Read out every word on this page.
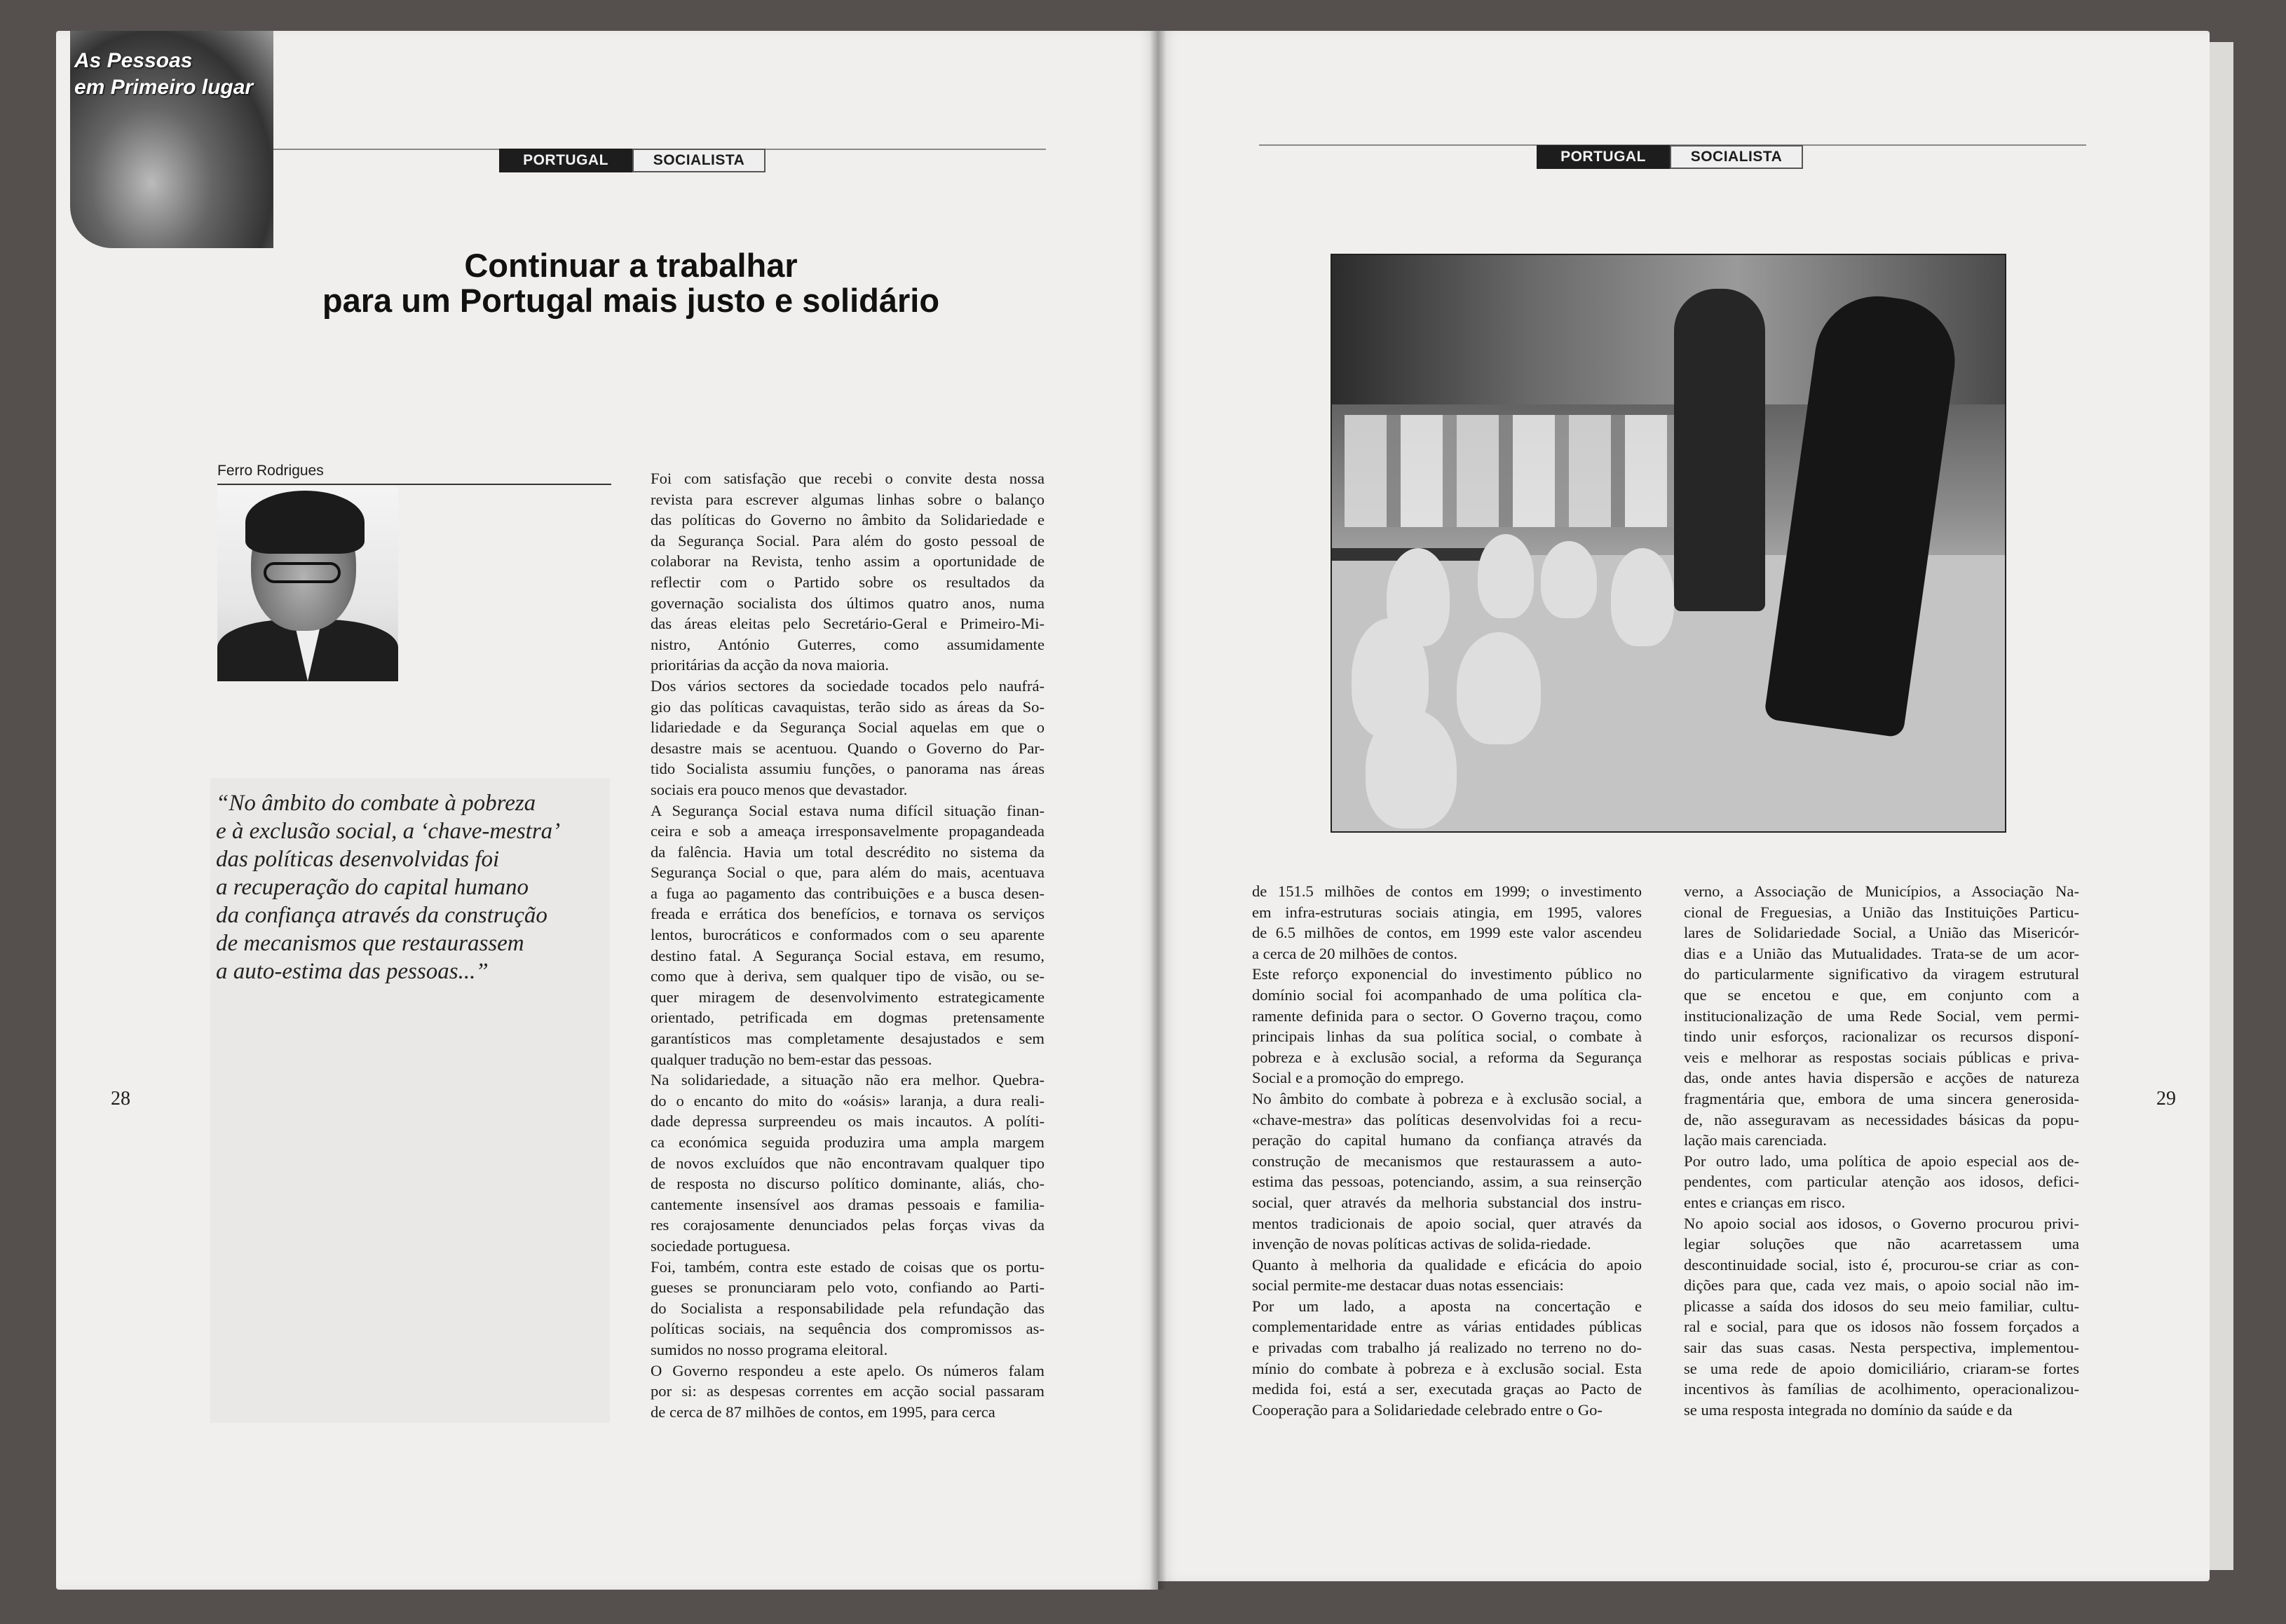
As Pessoas
em Primeiro lugar
PORTUGAL	SOCIALISTA
Continuar a trabalhar
para um Portugal mais justo e solidário
Ferro Rodrigues
“No âmbito do combate à pobreza
e à exclusão social, a ‘chave-mestra’
das políticas desenvolvidas foi
a recuperação do capital humano
da confiança através da construção
de mecanismos que restaurassem
a auto-estima das pessoas...”
28
Foi com satisfação que recebi o convite desta nossa
revista para escrever algumas linhas sobre o balanço
das políticas do Governo no âmbito da Solidariedade e
da Segurança Social. Para além do gosto pessoal de
colaborar na Revista, tenho assim a oportunidade de
reflectir com o Partido sobre os resultados da
governação socialista dos últimos quatro anos, numa
das áreas eleitas pelo Secretário-Geral e Primeiro-Mi-
nistro, António Guterres, como assumidamente
prioritárias da acção da nova maioria.
Dos vários sectores da sociedade tocados pelo naufrá-
gio das políticas cavaquistas, terão sido as áreas da So-
lidariedade e da Segurança Social aquelas em que o
desastre mais se acentuou. Quando o Governo do Par-
tido Socialista assumiu funções, o panorama nas áreas
sociais era pouco menos que devastador.
A Segurança Social estava numa difícil situação finan-
ceira e sob a ameaça irresponsavelmente propagandeada
da falência. Havia um total descrédito no sistema da
Segurança Social o que, para além do mais, acentuava
a fuga ao pagamento das contribuições e a busca desen-
freada e errática dos benefícios, e tornava os serviços
lentos, burocráticos e conformados com o seu aparente
destino fatal. A Segurança Social estava, em resumo,
como que à deriva, sem qualquer tipo de visão, ou se-
quer miragem de desenvolvimento estrategicamente
orientado, petrificada em dogmas pretensamente
garantísticos mas completamente desajustados e sem
qualquer tradução no bem-estar das pessoas.
Na solidariedade, a situação não era melhor. Quebra-
do o encanto do mito do «oásis» laranja, a dura reali-
dade depressa surpreendeu os mais incautos. A políti-
ca económica seguida produzira uma ampla margem
de novos excluídos que não encontravam qualquer tipo
de resposta no discurso político dominante, aliás, cho-
cantemente insensível aos dramas pessoais e familia-
res corajosamente denunciados pelas forças vivas da
sociedade portuguesa.
Foi, também, contra este estado de coisas que os portu-
gueses se pronunciaram pelo voto, confiando ao Parti-
do Socialista a responsabilidade pela refundação das
políticas sociais, na sequência dos compromissos as-
sumidos no nosso programa eleitoral.
O Governo respondeu a este apelo. Os números falam
por si: as despesas correntes em acção social passaram
de cerca de 87 milhões de contos, em 1995, para cerca
PORTUGAL	SOCIALISTA
de 151.5 milhões de contos em 1999; o investimento
em infra-estruturas sociais atingia, em 1995, valores
de 6.5 milhões de contos, em 1999 este valor ascendeu
a cerca de 20 milhões de contos.
Este reforço exponencial do investimento público no
domínio social foi acompanhado de uma política cla-
ramente definida para o sector. O Governo traçou, como
principais linhas da sua política social, o combate à
pobreza e à exclusão social, a reforma da Segurança
Social e a promoção do emprego.
No âmbito do combate à pobreza e à exclusão social, a
«chave-mestra» das políticas desenvolvidas foi a recu-
peração do capital humano da confiança através da
construção de mecanismos que restaurassem a auto-
estima das pessoas, potenciando, assim, a sua reinserção
social, quer através da melhoria substancial dos instru-
mentos tradicionais de apoio social, quer através da
invenção de novas políticas activas de solida-riedade.
Quanto à melhoria da qualidade e eficácia do apoio
social permite-me destacar duas notas essenciais:
Por um lado, a aposta na concertação e
complementaridade entre as várias entidades públicas
e privadas com trabalho já realizado no terreno no do-
mínio do combate à pobreza e à exclusão social. Esta
medida foi, está a ser, executada graças ao Pacto de
Cooperação para a Solidariedade celebrado entre o Go-
verno, a Associação de Municípios, a Associação Na-
cional de Freguesias, a União das Instituições Particu-
lares de Solidariedade Social, a União das Misericór-
dias e a União das Mutualidades. Trata-se de um acor-
do particularmente significativo da viragem estrutural
que se encetou e que, em conjunto com a
institucionalização de uma Rede Social, vem permi-
tindo unir esforços, racionalizar os recursos disponí-
veis e melhorar as respostas sociais públicas e priva-
das, onde antes havia dispersão e acções de natureza
fragmentária que, embora de uma sincera generosida-
de, não asseguravam as necessidades básicas da popu-
lação mais carenciada.
Por outro lado, uma política de apoio especial aos de-
pendentes, com particular atenção aos idosos, defici-
entes e crianças em risco.
No apoio social aos idosos, o Governo procurou privi-
legiar soluções que não acarretassem uma
descontinuidade social, isto é, procurou-se criar as con-
dições para que, cada vez mais, o apoio social não im-
plicasse a saída dos idosos do seu meio familiar, cultu-
ral e social, para que os idosos não fossem forçados a
sair das suas casas. Nesta perspectiva, implementou-
se uma rede de apoio domiciliário, criaram-se fortes
incentivos às famílias de acolhimento, operacionalizou-
se uma resposta integrada no domínio da saúde e da
29
